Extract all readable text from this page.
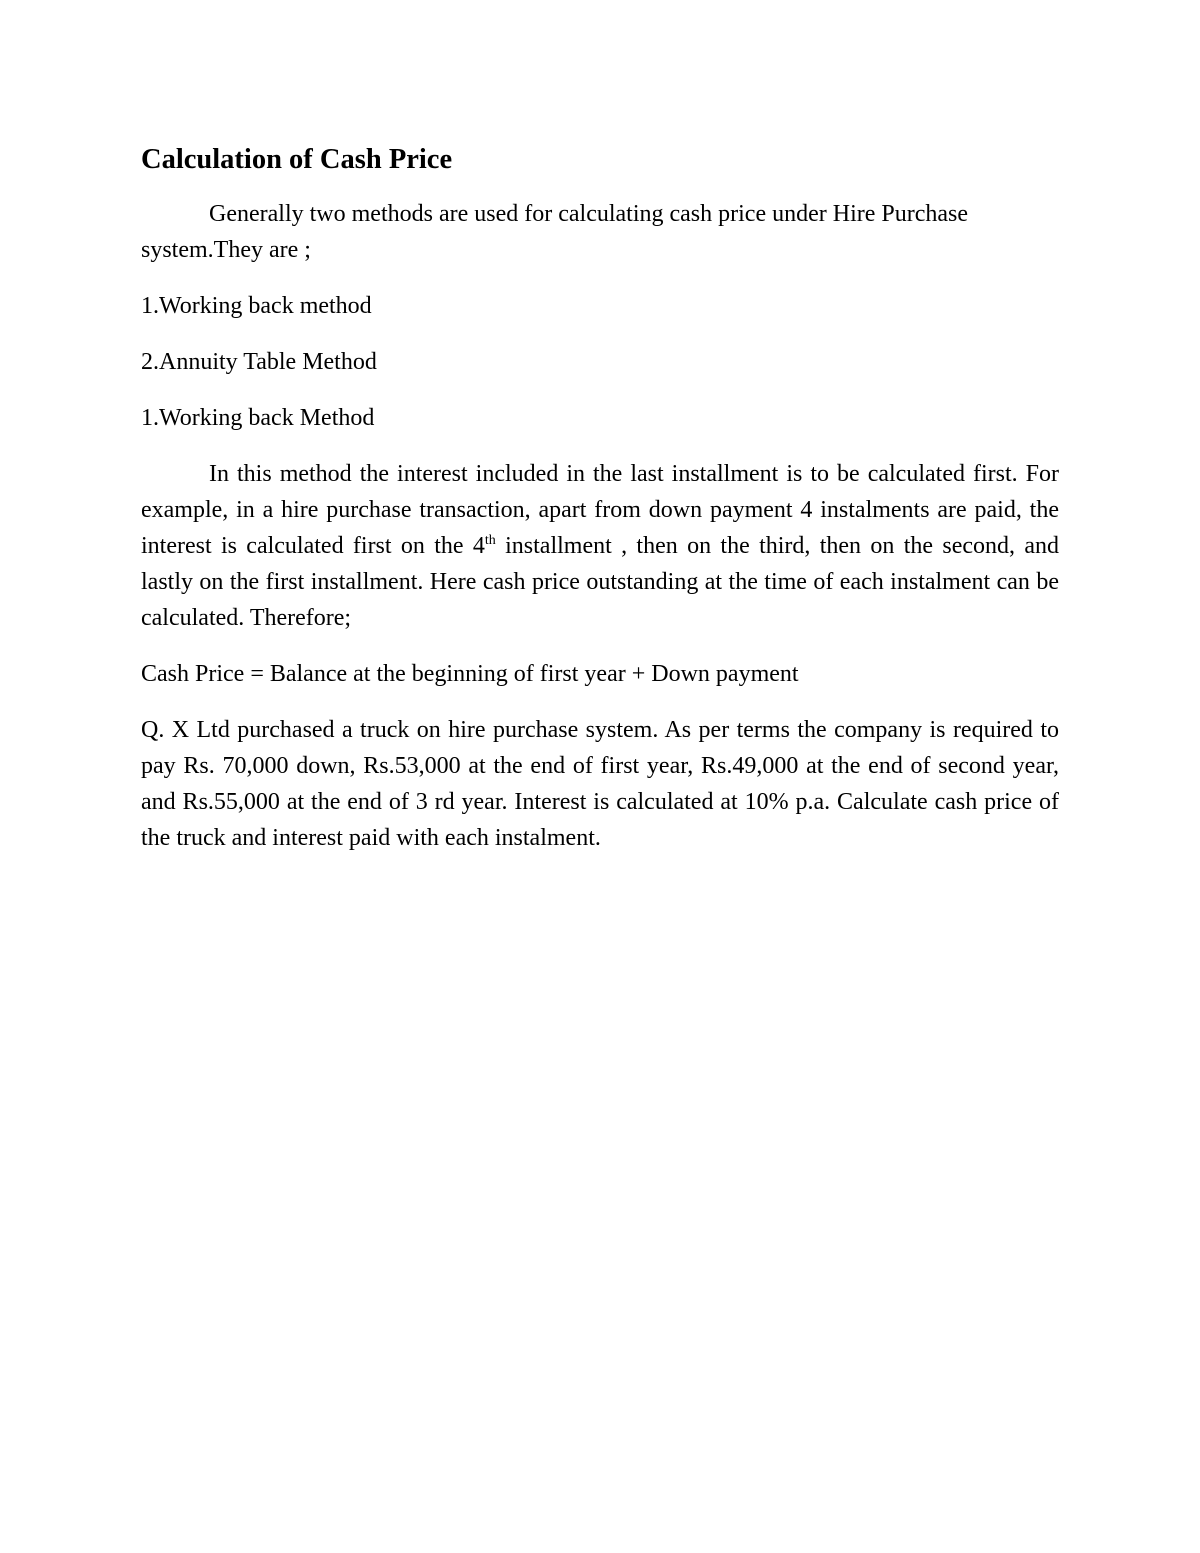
Calculation of Cash Price

Generally two methods are used for calculating cash price under Hire Purchase system.They are ;

1.Working back method

2.Annuity Table Method

1.Working back Method

In this method the interest included in the last installment is to be calculated first. For example, in a hire purchase transaction, apart from down payment 4 instalments are paid, the interest is calculated first on the 4th installment , then on the third, then on the second, and lastly on the first installment. Here cash price outstanding at the time of each instalment can be calculated. Therefore;

Cash Price = Balance at the beginning of first year + Down payment

Q. X Ltd purchased a truck on hire purchase system. As per terms the company is required to pay Rs. 70,000 down, Rs.53,000 at the end of first year, Rs.49,000 at the end of second year, and Rs.55,000 at the end of 3 rd year. Interest is calculated at 10% p.a. Calculate cash price of the truck and interest paid with each instalment.
